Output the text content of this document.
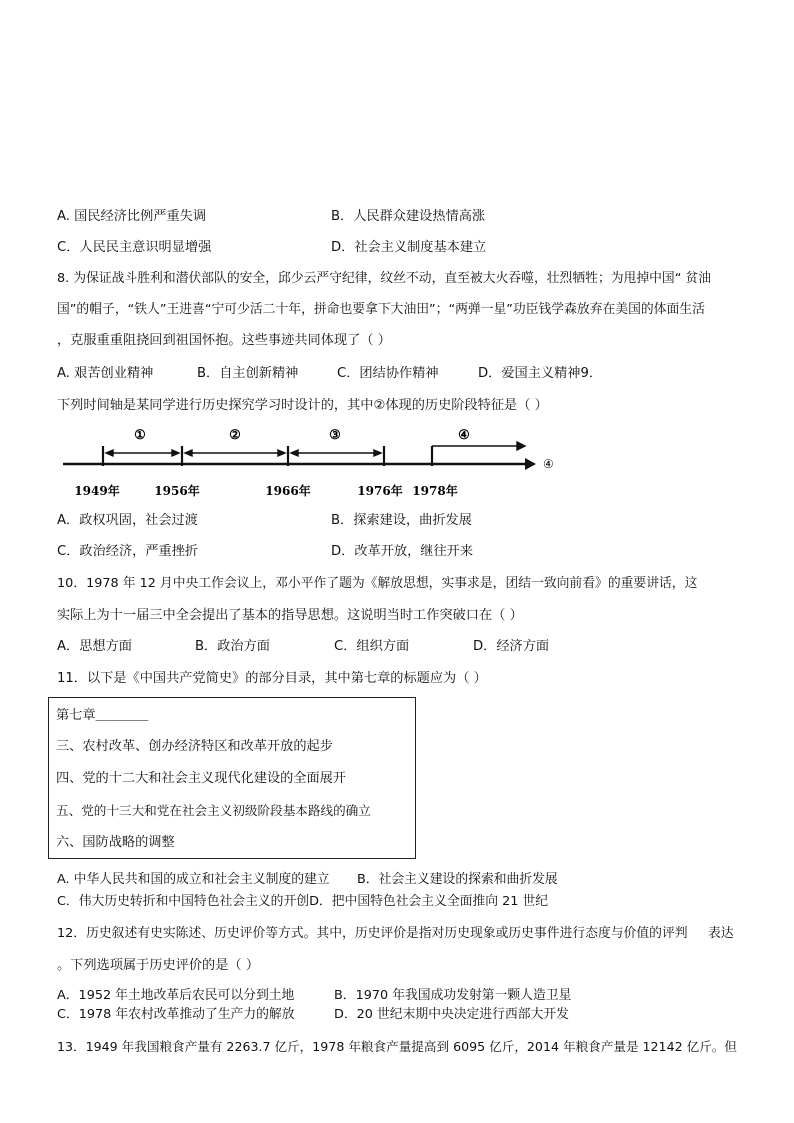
A. 国民经济比例严重失调	B．人民群众建设热情高涨
C．人民民主意识明显增强	D．社会主义制度基本建立
8. 为保证战斗胜利和潜伏部队的安全，邱少云严守纪律，纹丝不动，直至被大火吞噬，壮烈牺牲；为甩掉中国“ 贫油
国”的帽子，“铁人”王进喜“宁可少活二十年，拼命也要拿下大油田”；“两弹一星”功臣钱学森放弃在美国的体面生活
，克服重重阻挠回到祖国怀抱。这些事迹共同体现了（ ）
A. 艰苦创业精神	B．自主创新精神	C．团结协作精神	D．爱国主义精神9．
下列时间轴是某同学进行历史探究学习时设计的，其中②体现的历史阶段特征是（ ）
①	②	③	④
④
1949年	1956年	1966年	1976年 1978年
A．政权巩固，社会过渡	B．探索建设，曲折发展
C．政治经济，严重挫折	D．改革开放，继往开来
10．1978 年 12 月中央工作会议上，邓小平作了题为《解放思想，实事求是，团结一致向前看》的重要讲话，这
实际上为十一届三中全会提出了基本的指导思想。这说明当时工作突破口在（ ）
A．思想方面	B．政治方面	C．组织方面	D．经济方面
11．以下是《中国共产党简史》的部分目录，其中第七章的标题应为（ ）
第七章＿＿＿＿
三、农村改革、创办经济特区和改革开放的起步
四、党的十二大和社会主义现代化建设的全面展开
五、党的十三大和党在社会主义初级阶段基本路线的确立
六、国防战略的调整
A. 中华人民共和国的成立和社会主义制度的建立 B．社会主义建设的探索和曲折发展
C．伟大历史转折和中国特色社会主义的开创D．把中国特色社会主义全面推向 21 世纪
12．历史叙述有史实陈述、历史评价等方式。其中，历史评价是指对历史现象或历史事件进行态度与价值的评判 表达
。下列选项属于历史评价的是（ ）
A．1952 年土地改革后农民可以分到土地	B．1970 年我国成功发射第一颗人造卫星
C．1978 年农村改革推动了生产力的解放	D．20 世纪末期中央决定进行西部大开发
13．1949 年我国粮食产量有 2263.7 亿斤，1978 年粮食产量提高到 6095 亿斤，2014 年粮食产量是 12142 亿斤。但
